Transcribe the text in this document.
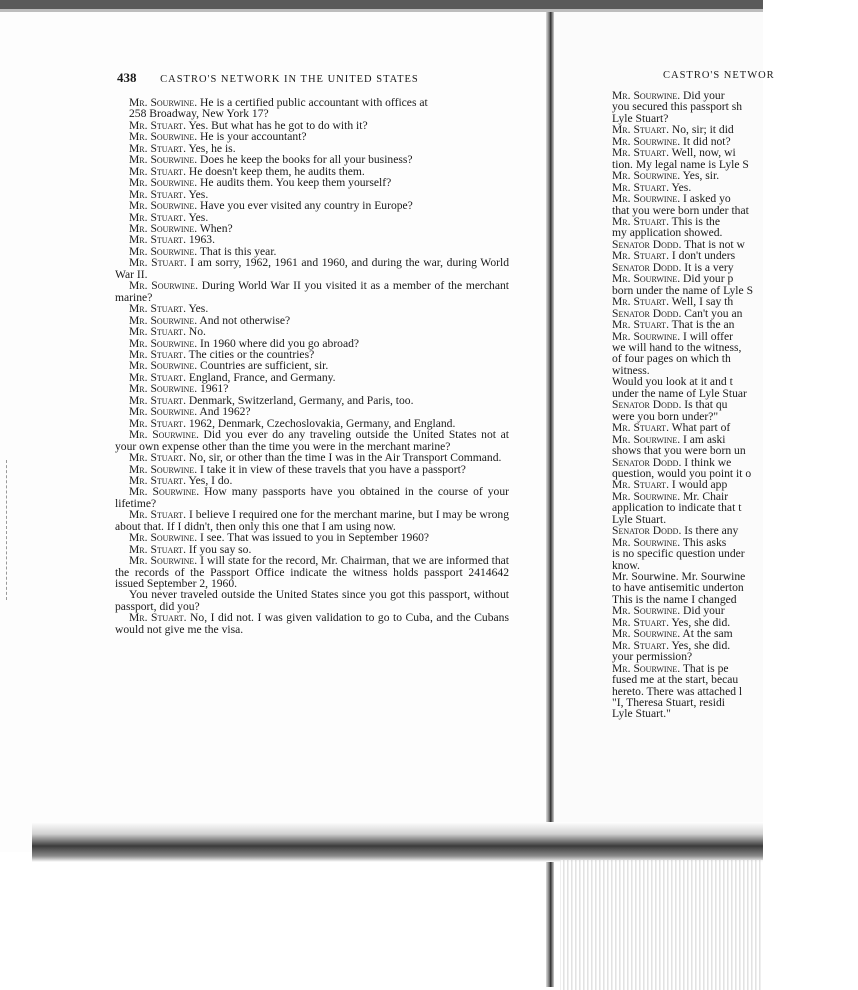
438 CASTRO'S NETWORK IN THE UNITED STATES

Mr. Sourwine. He is a certified public accountant with offices at

258 Broadway, New York 17?

Mr. Stuart. Yes. But what has he got to do with it?

Mr. Sourwine. He is your accountant?

Mr. Stuart. Yes, he is.

Mr. Sourwine. Does he keep the books for all your business?

Mr. Stuart. He doesn't keep them, he audits them.

Mr. Sourwine. He audits them. You keep them yourself?

Mr. Stuart. Yes.

Mr. Sourwine. Have you ever visited any country in Europe?

Mr. Stuart. Yes.

Mr. Sourwine. When?

Mr. Stuart. 1963.

Mr. Sourwine. That is this year.

Mr. Stuart. I am sorry, 1962, 1961 and 1960, and during the war, during World War II.

Mr. Sourwine. During World War II you visited it as a member of the merchant marine?

Mr. Stuart. Yes.

Mr. Sourwine. And not otherwise?

Mr. Stuart. No.

Mr. Sourwine. In 1960 where did you go abroad?

Mr. Stuart. The cities or the countries?

Mr. Sourwine. Countries are sufficient, sir.

Mr. Stuart. England, France, and Germany.

Mr. Sourwine. 1961?

Mr. Stuart. Denmark, Switzerland, Germany, and Paris, too.

Mr. Sourwine. And 1962?

Mr. Stuart. 1962, Denmark, Czechoslovakia, Germany, and England.

Mr. Sourwine. Did you ever do any traveling outside the United States not at your own expense other than the time you were in the merchant marine?

Mr. Stuart. No, sir, or other than the time I was in the Air Transport Command.

Mr. Sourwine. I take it in view of these travels that you have a passport?

Mr. Stuart. Yes, I do.

Mr. Sourwine. How many passports have you obtained in the course of your lifetime?

Mr. Stuart. I believe I required one for the merchant marine, but I may be wrong about that. If I didn't, then only this one that I am using now.

Mr. Sourwine. I see. That was issued to you in September 1960?

Mr. Stuart. If you say so.

Mr. Sourwine. I will state for the record, Mr. Chairman, that we are informed that the records of the Passport Office indicate the witness holds passport 2414642 issued September 2, 1960.

You never traveled outside the United States since you got this passport, without passport, did you?

Mr. Stuart. No, I did not. I was given validation to go to Cuba, and the Cubans would not give me the visa.

CASTRO'S NETWOR

Mr. Sourwine. Did your

you secured this passport sh

Lyle Stuart?

Mr. Stuart. No, sir; it did

Mr. Sourwine. It did not?

Mr. Stuart. Well, now, wi

tion. My legal name is Lyle S

Mr. Sourwine. Yes, sir.

Mr. Stuart. Yes.

Mr. Sourwine. I asked yo

that you were born under that

Mr. Stuart. This is the

my application showed.

Senator Dodd. That is not w

Mr. Stuart. I don't unders

Senator Dodd. It is a very

Mr. Sourwine. Did your p

born under the name of Lyle S

Mr. Stuart. Well, I say th

Senator Dodd. Can't you an

Mr. Stuart. That is the an

Mr. Sourwine. I will offer

we will hand to the witness,

of four pages on which th

witness.

Would you look at it and t

under the name of Lyle Stuar

Senator Dodd. Is that qu

were you born under?"

Mr. Stuart. What part of

Mr. Sourwine. I am aski

shows that you were born un

Senator Dodd. I think we

question, would you point it o

Mr. Stuart. I would app

Mr. Sourwine. Mr. Chair

application to indicate that t

Lyle Stuart.

Senator Dodd. Is there any

Mr. Sourwine. This asks

is no specific question under

know.

Mr. Sourwine. Mr. Sourwine

to have antisemitic underton

This is the name I changed

Mr. Sourwine. Did your

Mr. Stuart. Yes, she did.

Mr. Sourwine. At the sam

Mr. Stuart. Yes, she did.

your permission?

Mr. Sourwine. That is pe

fused me at the start, becau

hereto. There was attached l

"I, Theresa Stuart, residi

Lyle Stuart."
